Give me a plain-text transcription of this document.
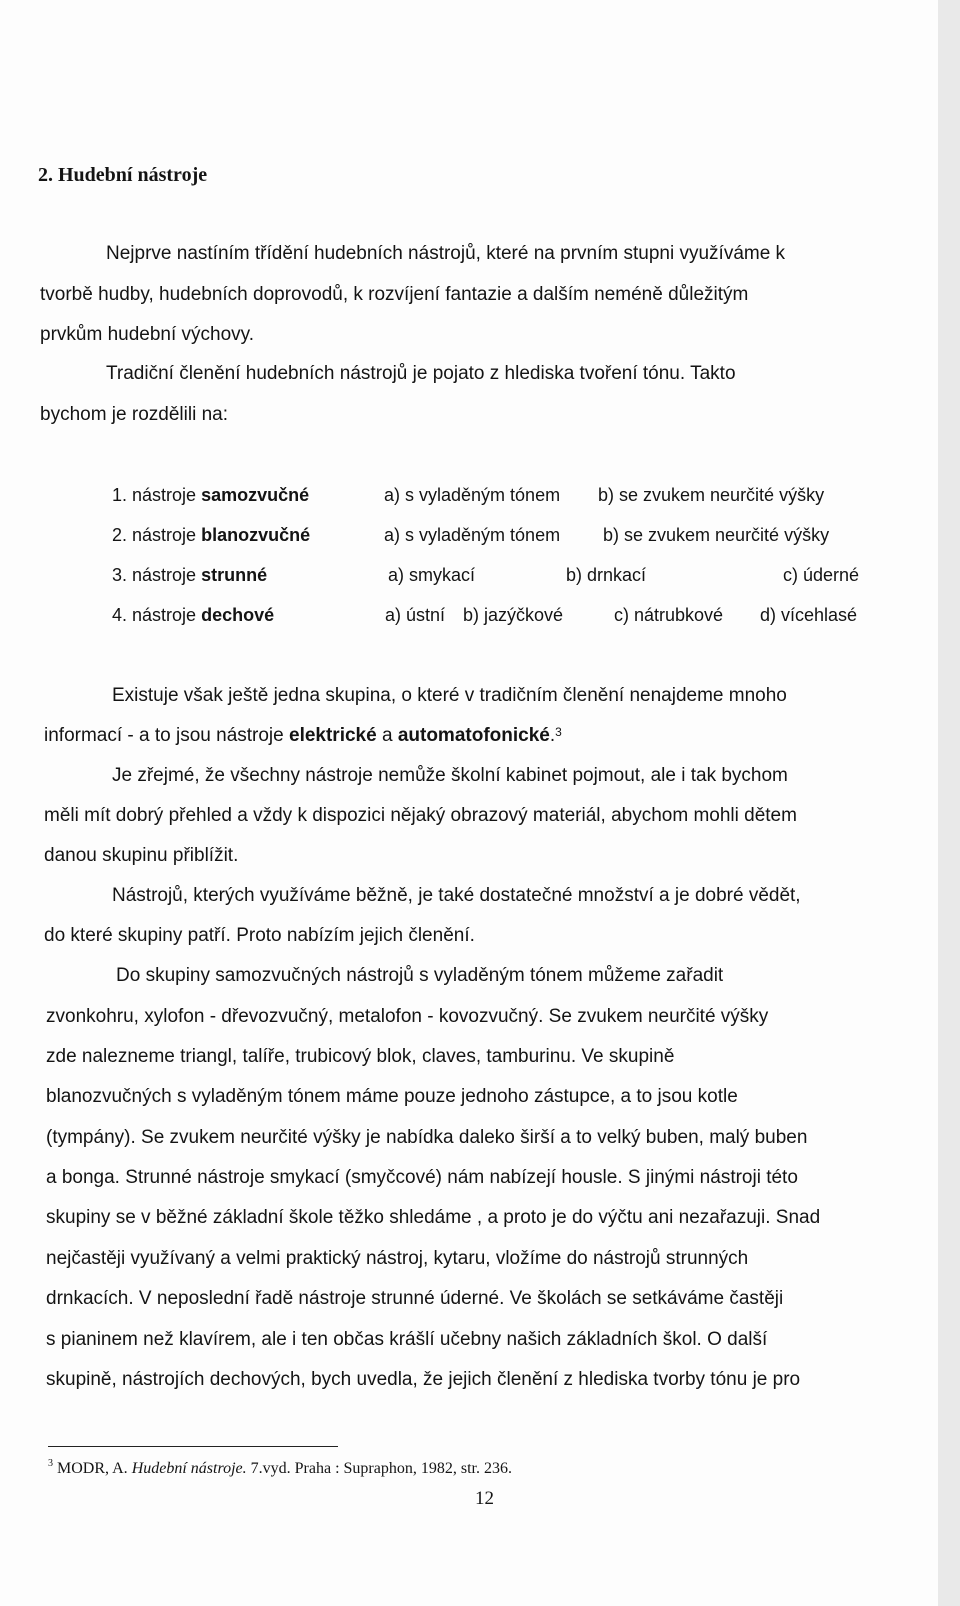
2. Hudební nástroje
Nejprve nastíním třídění hudebních nástrojů, které na prvním stupni využíváme k
tvorbě hudby, hudebních doprovodů, k rozvíjení fantazie a dalším neméně důležitým
prvkům hudební výchovy.
Tradiční členění hudebních nástrojů je pojato z hlediska tvoření tónu. Takto
bychom je rozdělili na:
1. nástroje samozvučné	a) s vyladěným tónem b) se zvukem neurčité výšky
2. nástroje blanozvučné	a) s vyladěným tónem b) se zvukem neurčité výšky
3. nástroje strunné	a) smykací	b) drnkací	c) úderné
4. nástroje dechové	a) ústní b) jazýčkové	c) nátrubkové d) vícehlasé
Existuje však ještě jedna skupina, o které v tradičním členění nenajdeme mnoho
informací - a to jsou nástroje elektrické a automatofonické.$^3$
Je zřejmé, že všechny nástroje nemůže školní kabinet pojmout, ale i tak bychom
měli mít dobrý přehled a vždy k dispozici nějaký obrazový materiál, abychom mohli dětem
danou skupinu přiblížit.
Nástrojů, kterých využíváme běžně, je také dostatečné množství a je dobré vědět,
do které skupiny patří. Proto nabízím jejich členění.
Do skupiny samozvučných nástrojů s vyladěným tónem můžeme zařadit
zvonkohru, xylofon - dřevozvučný, metalofon - kovozvučný. Se zvukem neurčité výšky
zde nalezneme triangl, talíře, trubicový blok, claves, tamburinu. Ve skupině
blanozvučných s vyladěným tónem máme pouze jednoho zástupce, a to jsou kotle
(tympány). Se zvukem neurčité výšky je nabídka daleko širší a to velký buben, malý buben
a bonga. Strunné nástroje smykací (smyčcové) nám nabízejí housle. S jinými nástroji této
skupiny se v běžné základní škole těžko shledáme , a proto je do výčtu ani nezařazuji. Snad
nejčastěji využívaný a velmi praktický nástroj, kytaru, vložíme do nástrojů strunných
drnkacích. V neposlední řadě nástroje strunné úderné. Ve školách se setkáváme častěji
s pianinem než klavírem, ale i ten občas krášlí učebny našich základních škol. O další
skupině, nástrojích dechových, bych uvedla, že jejich členění z hlediska tvorby tónu je pro
$^3$ MODR, A. Hudební nástroje. 7.vyd. Praha : Supraphon, 1982, str. 236.
12
